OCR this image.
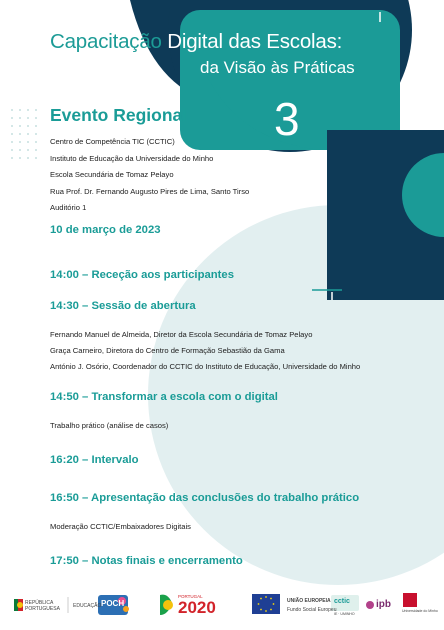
Capacitação Digital das Escolas:
da Visão às Práticas
3
Evento Regional
Centro de Competência TIC (CCTIC)
Instituto de Educação da Universidade do Minho
Escola Secundária de Tomaz Pelayo
Rua Prof. Dr. Fernando Augusto Pires de Lima, Santo Tirso
Auditório 1
10 de março de 2023
14:00 – Receção aos participantes
14:30 – Sessão de abertura
Fernando Manuel de Almeida, Diretor da Escola Secundária de Tomaz Pelayo
Graça Carneiro, Diretora do Centro de Formação Sebastião da Gama
António J. Osório, Coordenador do CCTIC do Instituto de Educação, Universidade do Minho
14:50 – Transformar a escola com o digital
Trabalho prático (análise de casos)
16:20 – Intervalo
16:50 – Apresentação das conclusões do trabalho prático
Moderação CCTIC/Embaixadores Digitais
17:50 – Notas finais e encerramento
REPÚBLICA
PORTUGUESA	EDUCAÇÃO POCH
PORTUGAL
2020	UNIÃO EUROPEIA
Fundo Social Europeu
cctic
IE · UMINHO
ipb
Universidade do Minho
